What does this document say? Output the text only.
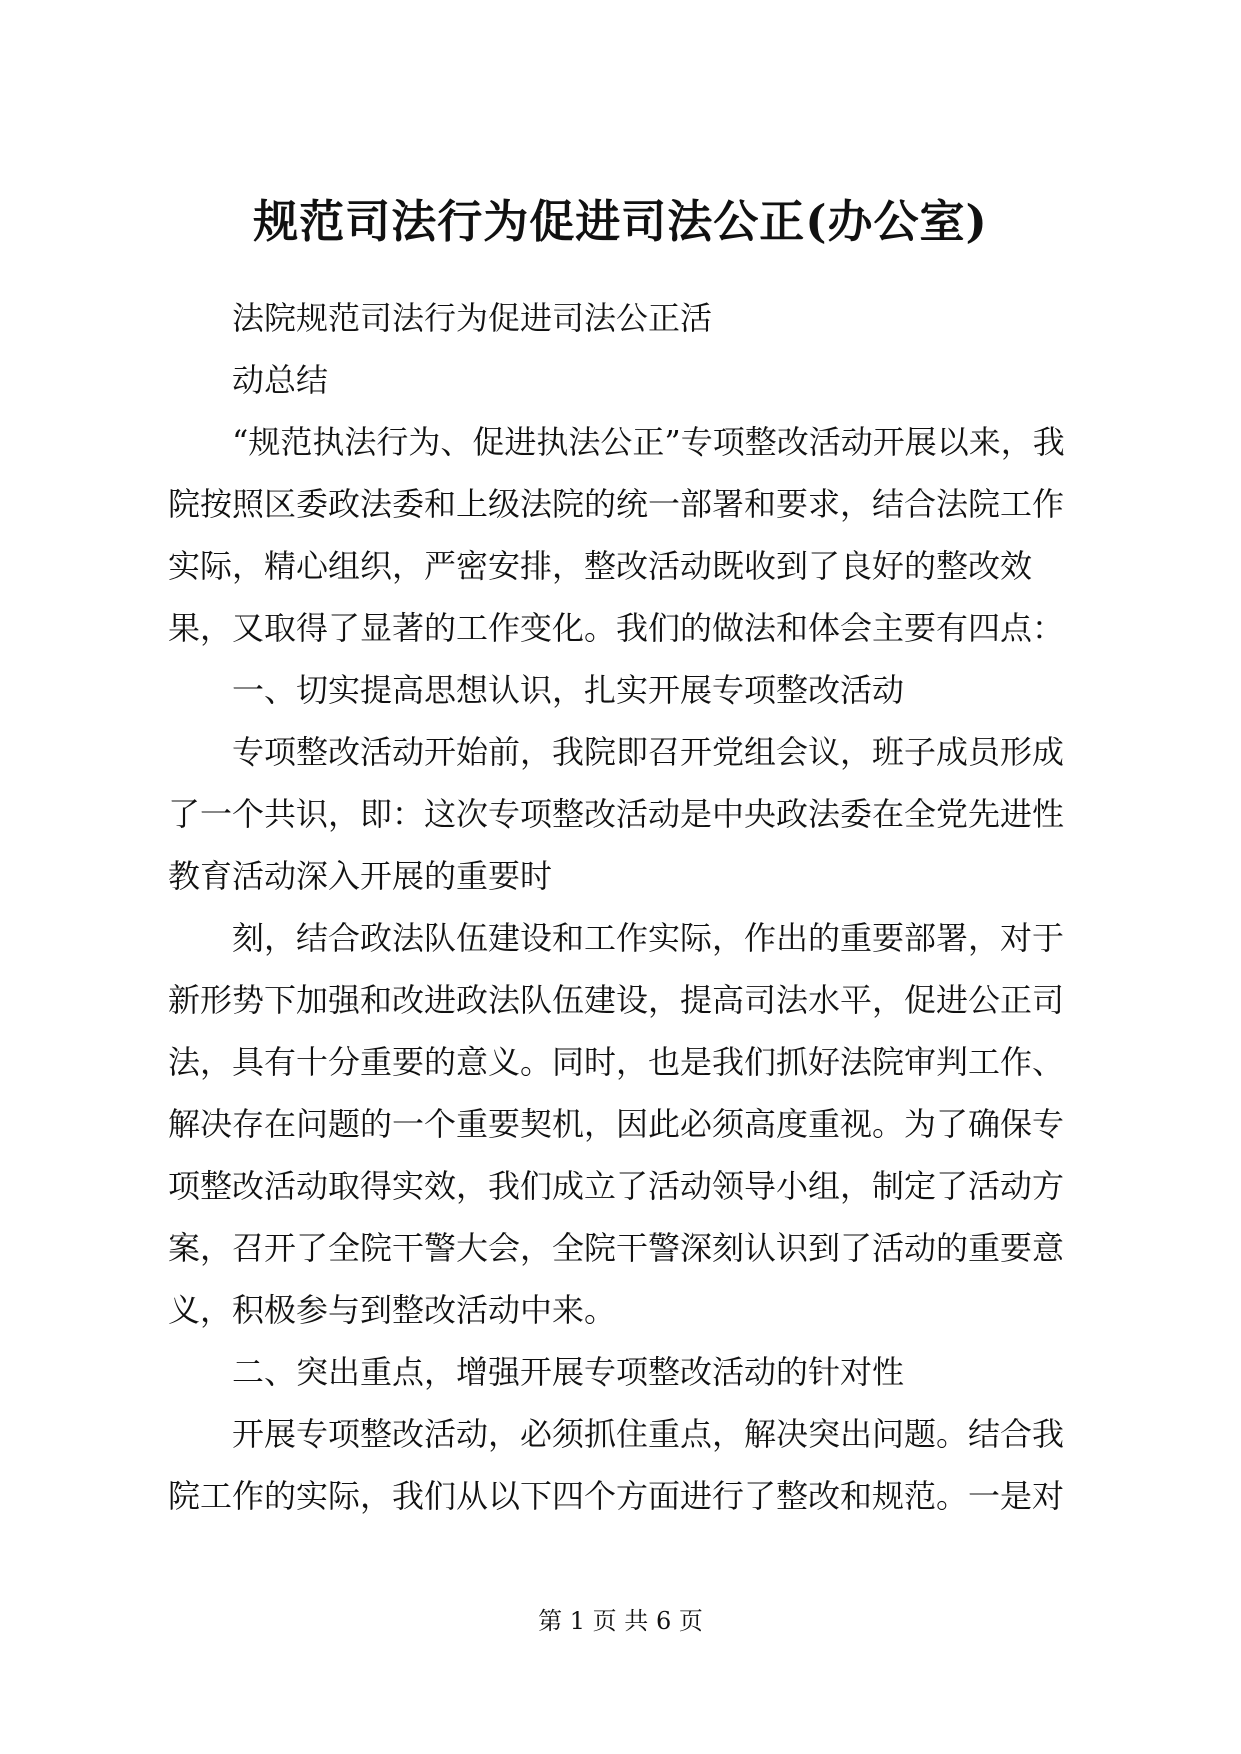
规范司法行为促进司法公正(办公室)

法院规范司法行为促进司法公正活

动总结

“规范执法行为、促进执法公正”专项整改活动开展以来，我院按照区委政法委和上级法院的统一部署和要求，结合法院工作实际，精心组织，严密安排，整改活动既收到了良好的整改效果，又取得了显著的工作变化。我们的做法和体会主要有四点：

一、切实提高思想认识，扎实开展专项整改活动

专项整改活动开始前，我院即召开党组会议，班子成员形成了一个共识，即：这次专项整改活动是中央政法委在全党先进性教育活动深入开展的重要时

刻，结合政法队伍建设和工作实际，作出的重要部署，对于新形势下加强和改进政法队伍建设，提高司法水平，促进公正司法，具有十分重要的意义。同时，也是我们抓好法院审判工作、解决存在问题的一个重要契机，因此必须高度重视。为了确保专项整改活动取得实效，我们成立了活动领导小组，制定了活动方案，召开了全院干警大会，全院干警深刻认识到了活动的重要意义，积极参与到整改活动中来。

二、突出重点，增强开展专项整改活动的针对性

开展专项整改活动，必须抓住重点，解决突出问题。结合我院工作的实际，我们从以下四个方面进行了整改和规范。一是对

第 1 页 共 6 页
